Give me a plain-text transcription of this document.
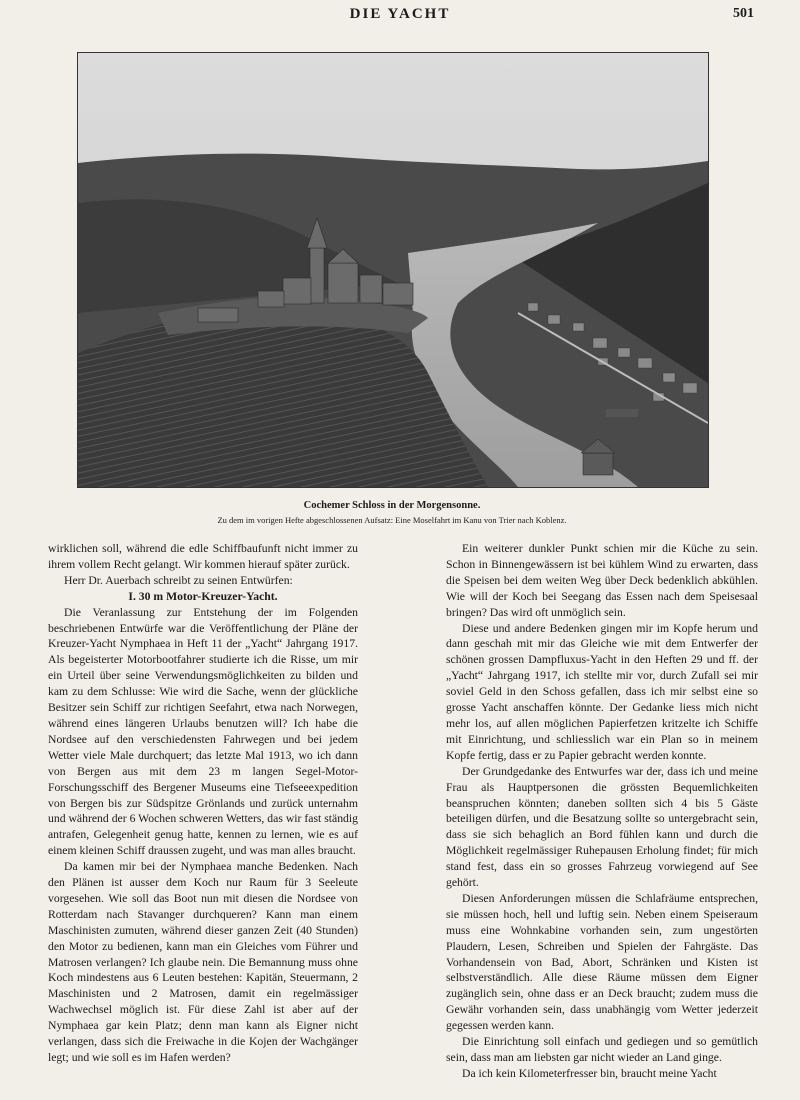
DIE YACHT	501
Cochemer Schloss in der Morgensonne.
Zu dem im vorigen Hefte abgeschlossenen Aufsatz: Eine Moselfahrt im Kanu von Trier nach Koblenz.

wirklichen soll, während die edle Schiffbaufunft nicht immer zu ihrem vollem Recht gelangt. Wir kommen hierauf später zurück.

Herr Dr. Auerbach schreibt zu seinen Entwürfen:

I. 30 m Motor-Kreuzer-Yacht.

Die Veranlassung zur Entstehung der im Folgenden beschriebenen Entwürfe war die Veröffentlichung der Pläne der Kreuzer-Yacht Nymphaea in Heft 11 der „Yacht“ Jahrgang 1917. Als begeisterter Motorbootfahrer studierte ich die Risse, um mir ein Urteil über seine Verwendungsmöglichkeiten zu bilden und kam zu dem Schlusse: Wie wird die Sache, wenn der glückliche Besitzer sein Schiff zur richtigen Seefahrt, etwa nach Norwegen, während eines längeren Urlaubs benutzen will? Ich habe die Nordsee auf den verschiedensten Fahrwegen und bei jedem Wetter viele Male durchquert; das letzte Mal 1913, wo ich dann von Bergen aus mit dem 23 m langen Segel-Motor-Forschungsschiff des Bergener Museums eine Tiefseeexpedition von Bergen bis zur Südspitze Grönlands und zurück unternahm und während der 6 Wochen schweren Wetters, das wir fast ständig antrafen, Gelegenheit genug hatte, kennen zu lernen, wie es auf einem kleinen Schiff draussen zugeht, und was man alles braucht.

Da kamen mir bei der Nymphaea manche Bedenken. Nach den Plänen ist ausser dem Koch nur Raum für 3 Seeleute vorgesehen. Wie soll das Boot nun mit diesen die Nordsee von Rotterdam nach Stavanger durchqueren? Kann man einem Maschinisten zumuten, während dieser ganzen Zeit (40 Stunden) den Motor zu bedienen, kann man ein Gleiches vom Führer und Matrosen verlangen? Ich glaube nein. Die Bemannung muss ohne Koch mindestens aus 6 Leuten bestehen: Kapitän, Steuermann, 2 Maschinisten und 2 Matrosen, damit ein regelmässiger Wachwechsel möglich ist. Für diese Zahl ist aber auf der Nymphaea gar kein Platz; denn man kann als Eigner nicht verlangen, dass sich die Freiwache in die Kojen der Wachgänger legt; und wie soll es im Hafen werden?

Ein weiterer dunkler Punkt schien mir die Küche zu sein. Schon in Binnengewässern ist bei kühlem Wind zu erwarten, dass die Speisen bei dem weiten Weg über Deck bedenklich abkühlen. Wie will der Koch bei Seegang das Essen nach dem Speisesaal bringen? Das wird oft unmöglich sein.

Diese und andere Bedenken gingen mir im Kopfe herum und dann geschah mit mir das Gleiche wie mit dem Entwerfer der schönen grossen Dampfluxus-Yacht in den Heften 29 und ff. der „Yacht“ Jahrgang 1917, ich stellte mir vor, durch Zufall sei mir soviel Geld in den Schoss gefallen, dass ich mir selbst eine so grosse Yacht anschaffen könnte. Der Gedanke liess mich nicht mehr los, auf allen möglichen Papierfetzen kritzelte ich Schiffe mit Einrichtung, und schliesslich war ein Plan so in meinem Kopfe fertig, dass er zu Papier gebracht werden konnte.

Der Grundgedanke des Entwurfes war der, dass ich und meine Frau als Hauptpersonen die grössten Bequemlichkeiten beanspruchen könnten; daneben sollten sich 4 bis 5 Gäste beteiligen dürfen, und die Besatzung sollte so untergebracht sein, dass sie sich behaglich an Bord fühlen kann und durch die Möglichkeit regelmässiger Ruhepausen Erholung findet; für mich stand fest, dass ein so grosses Fahrzeug vorwiegend auf See gehört.

Diesen Anforderungen müssen die Schlafräume entsprechen, sie müssen hoch, hell und luftig sein. Neben einem Speiseraum muss eine Wohnkabine vorhanden sein, zum ungestörten Plaudern, Lesen, Schreiben und Spielen der Fahrgäste. Das Vorhandensein von Bad, Abort, Schränken und Kisten ist selbstverständlich. Alle diese Räume müssen dem Eigner zugänglich sein, ohne dass er an Deck braucht; zudem muss die Gewähr vorhanden sein, dass unabhängig vom Wetter jederzeit gegessen werden kann.

Die Einrichtung soll einfach und gediegen und so gemütlich sein, dass man am liebsten gar nicht wieder an Land ginge.

Da ich kein Kilometerfresser bin, braucht meine Yacht
